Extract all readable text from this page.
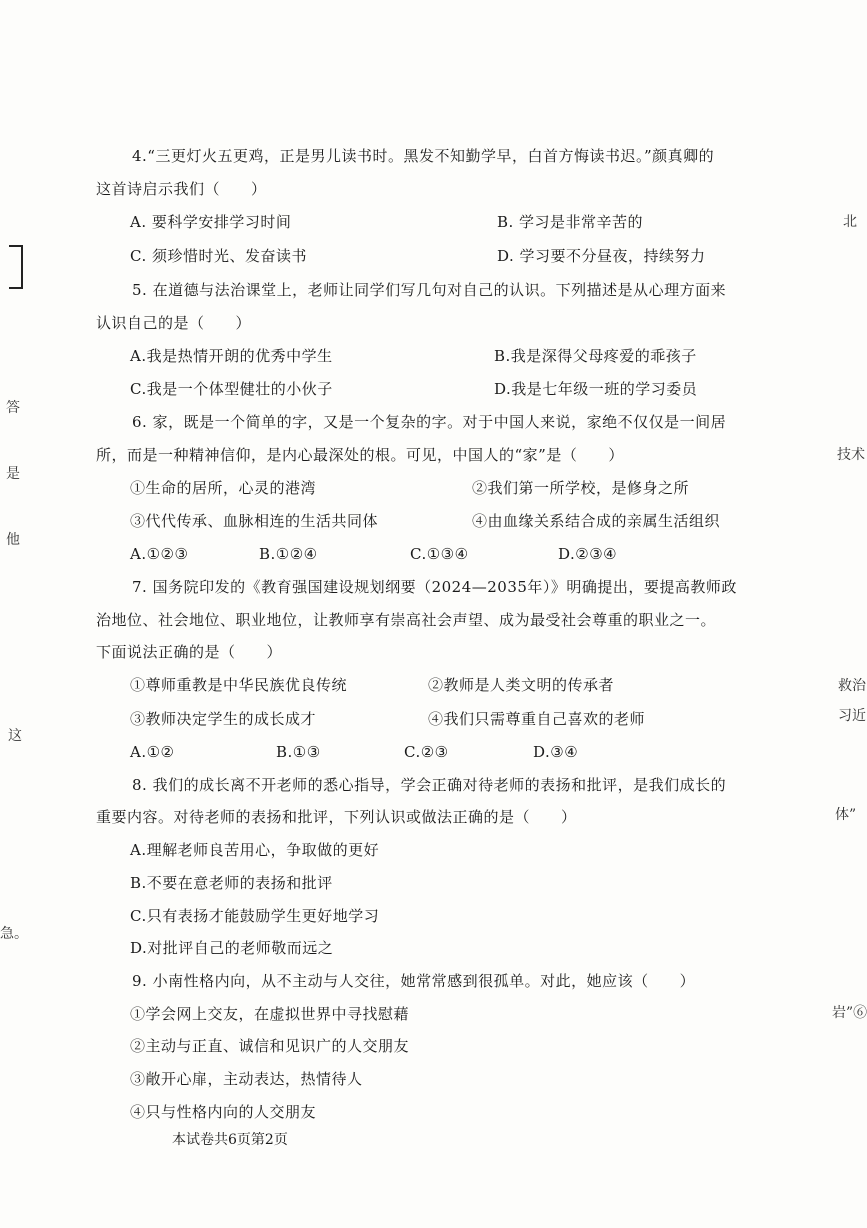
答
是
他
这
急。
北
技术
救治
习近
体”
岩”⑥
4.“三更灯火五更鸡，正是男儿读书时。黑发不知勤学早，白首方悔读书迟。”颜真卿的
这首诗启示我们（　　）
A. 要科学安排学习时间	B. 学习是非常辛苦的
C. 须珍惜时光、发奋读书	D. 学习要不分昼夜，持续努力
5. 在道德与法治课堂上，老师让同学们写几句对自己的认识。下列描述是从心理方面来
认识自己的是（　　）
A.我是热情开朗的优秀中学生	B.我是深得父母疼爱的乖孩子
C.我是一个体型健壮的小伙子	D.我是七年级一班的学习委员
6. 家，既是一个简单的字，又是一个复杂的字。对于中国人来说，家绝不仅仅是一间居
所，而是一种精神信仰，是内心最深处的根。可见，中国人的“家”是（　　）
①生命的居所，心灵的港湾	②我们第一所学校，是修身之所
③代代传承、血脉相连的生活共同体	④由血缘关系结合成的亲属生活组织
A.①②③	B.①②④	C.①③④	D.②③④
7. 国务院印发的《教育强国建设规划纲要（2024—2035年）》明确提出，要提高教师政
治地位、社会地位、职业地位，让教师享有崇高社会声望、成为最受社会尊重的职业之一。
下面说法正确的是（　　）
①尊师重教是中华民族优良传统	②教师是人类文明的传承者
③教师决定学生的成长成才	④我们只需尊重自己喜欢的老师
A.①②	B.①③	C.②③	D.③④
8. 我们的成长离不开老师的悉心指导，学会正确对待老师的表扬和批评，是我们成长的
重要内容。对待老师的表扬和批评，下列认识或做法正确的是（　　）
A.理解老师良苦用心，争取做的更好
B.不要在意老师的表扬和批评
C.只有表扬才能鼓励学生更好地学习
D.对批评自己的老师敬而远之
9. 小南性格内向，从不主动与人交往，她常常感到很孤单。对此，她应该（　　）
①学会网上交友，在虚拟世界中寻找慰藉
②主动与正直、诚信和见识广的人交朋友
③敞开心扉，主动表达，热情待人
④只与性格内向的人交朋友
本试卷共6页第2页
